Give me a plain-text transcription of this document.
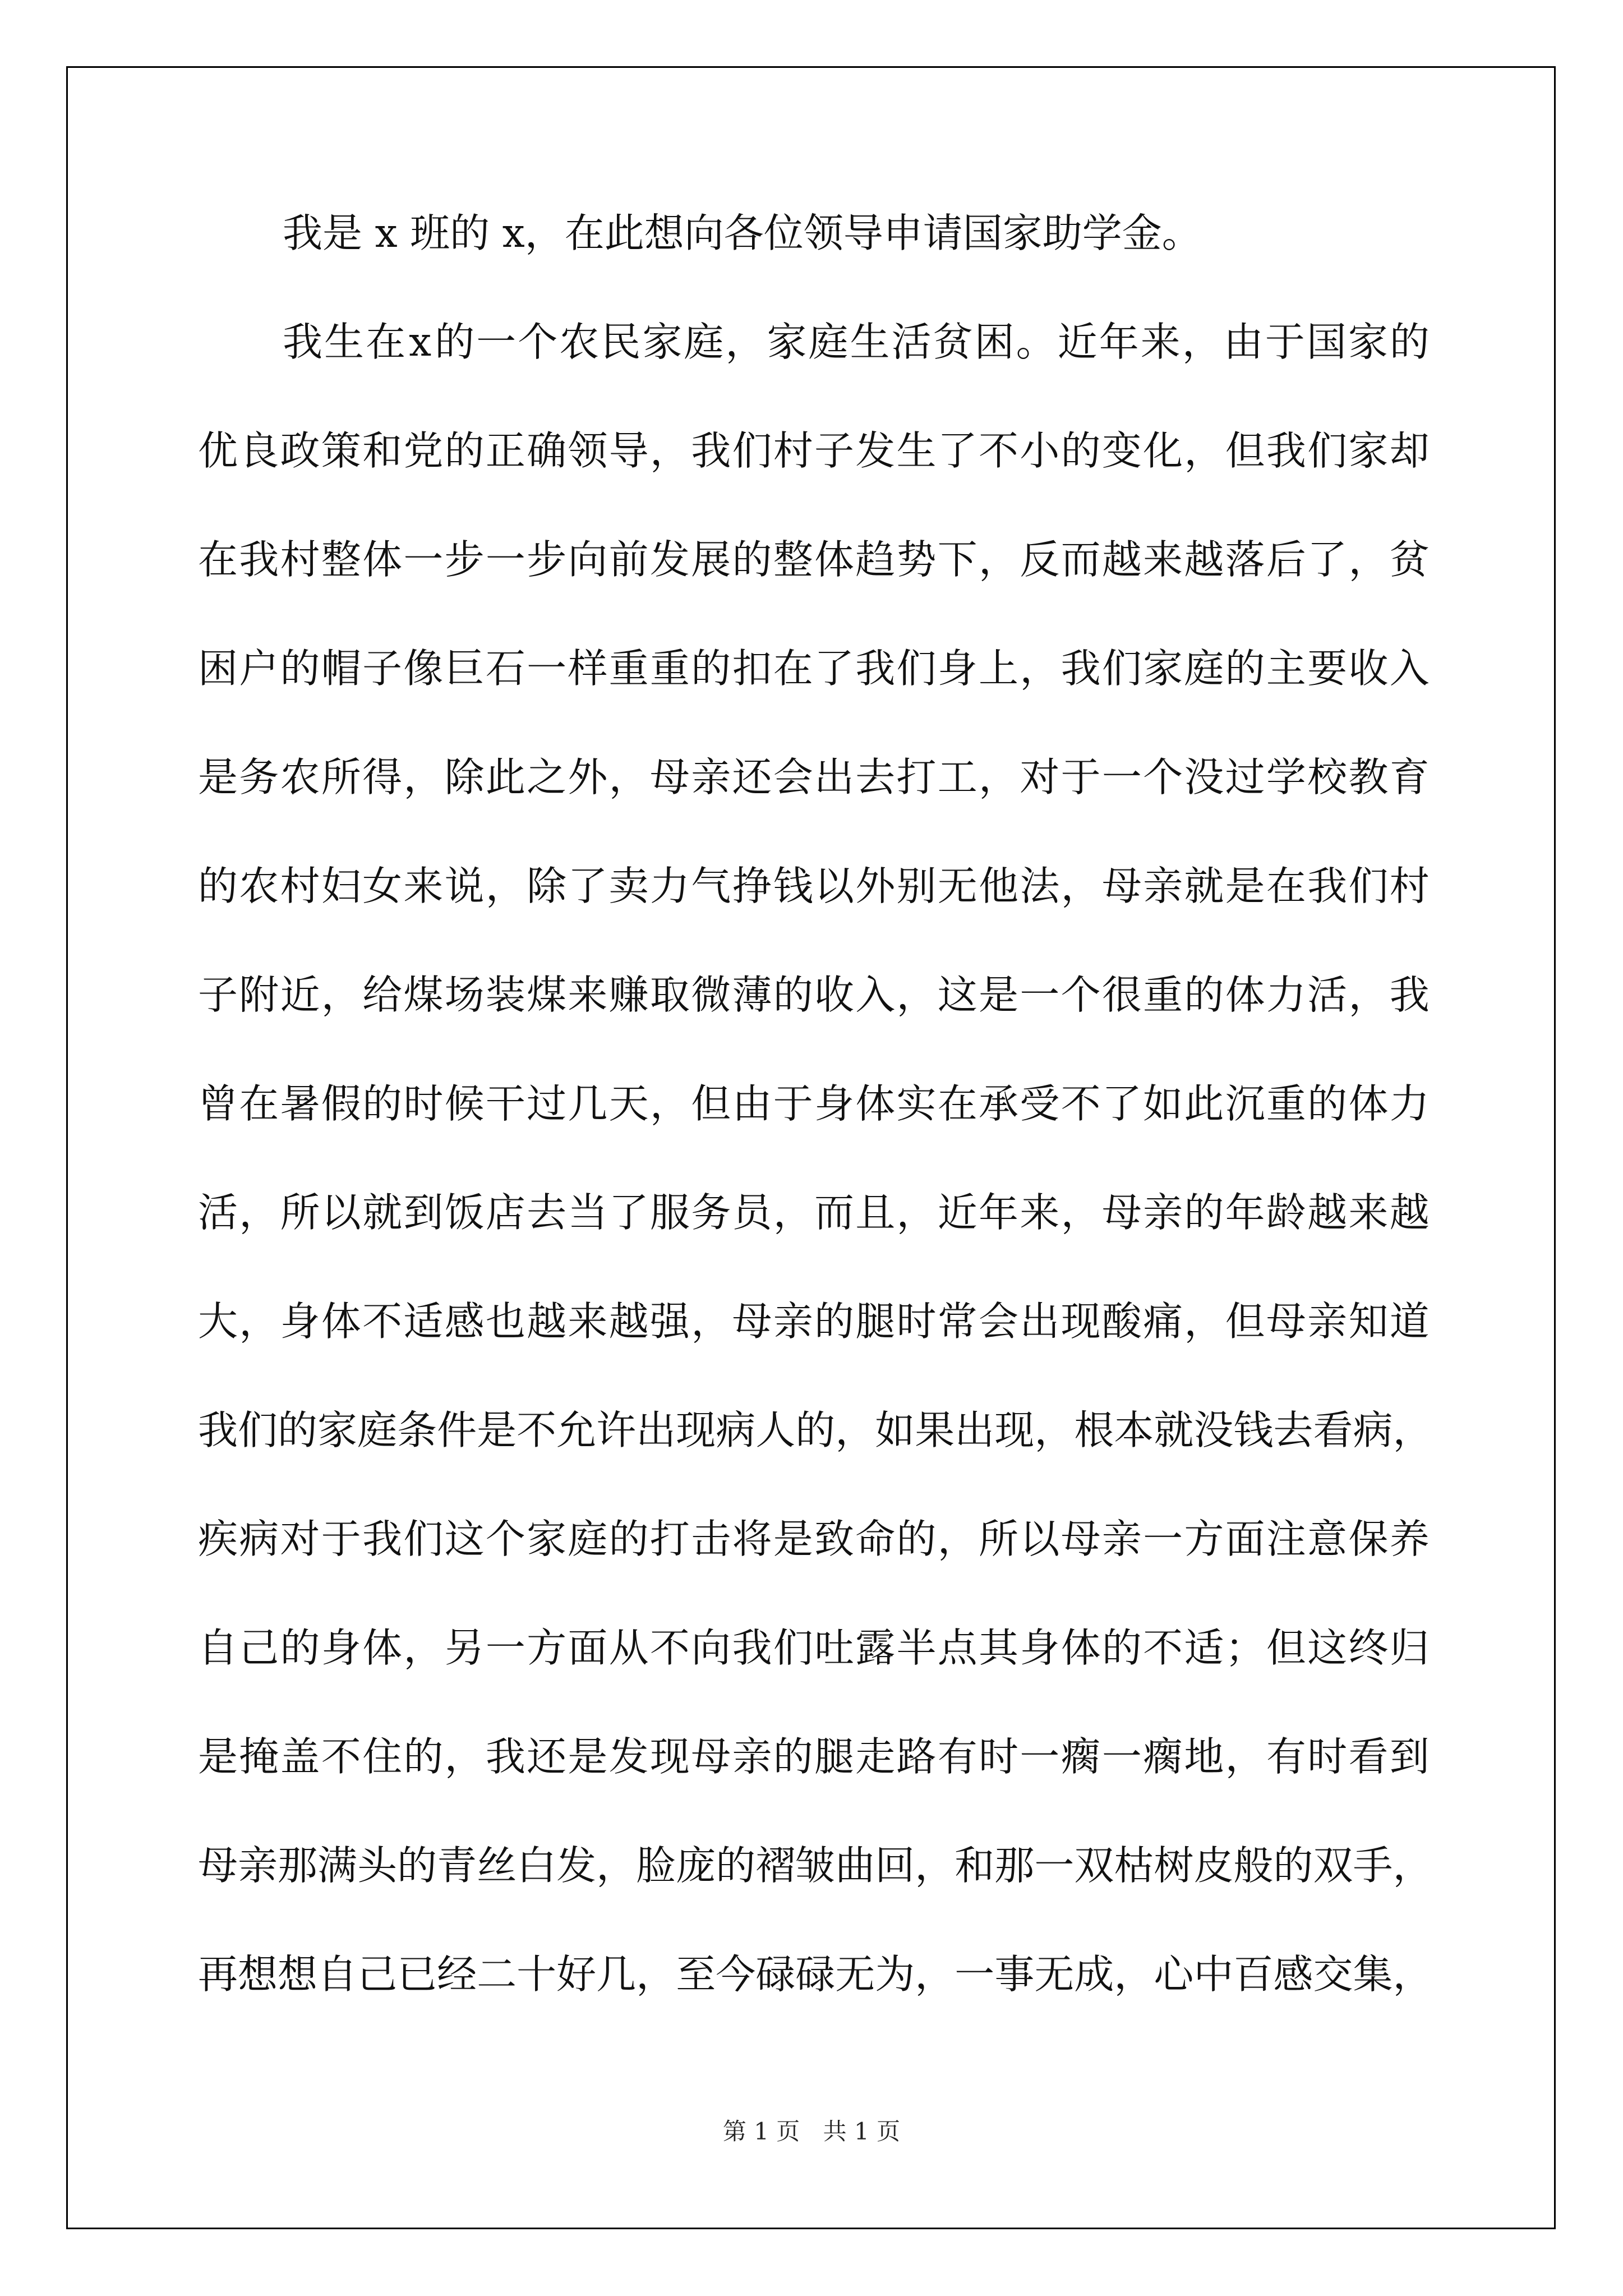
我是 x 班的 x，在此想向各位领导申请国家助学金。
我 生 在 x 的 一 个 农 民 家 庭 ， 家 庭 生 活 贫 困 。 近 年 来 ， 由 于 国 家 的
优 良 政 策 和 党 的 正 确 领 导 ， 我 们 村 子 发 生 了 不 小 的 变 化 ， 但 我 们 家 却
在 我 村 整 体 一 步 一 步 向 前 发 展 的 整 体 趋 势 下 ， 反 而 越 来 越 落 后 了 ， 贫
困 户 的 帽 子 像 巨 石 一 样 重 重 的 扣 在 了 我 们 身 上 ， 我 们 家 庭 的 主 要 收 入
是 务 农 所 得 ， 除 此 之 外 ， 母 亲 还 会 出 去 打 工 ， 对 于 一 个 没 过 学 校 教 育
的 农 村 妇 女 来 说 ， 除 了 卖 力 气 挣 钱 以 外 别 无 他 法 ， 母 亲 就 是 在 我 们 村
子 附 近 ， 给 煤 场 装 煤 来 赚 取 微 薄 的 收 入 ， 这 是 一 个 很 重 的 体 力 活 ， 我
曾 在 暑 假 的 时 候 干 过 几 天 ， 但 由 于 身 体 实 在 承 受 不 了 如 此 沉 重 的 体 力
活 ， 所 以 就 到 饭 店 去 当 了 服 务 员 ， 而 且 ， 近 年 来 ， 母 亲 的 年 龄 越 来 越
大 ， 身 体 不 适 感 也 越 来 越 强 ， 母 亲 的 腿 时 常 会 出 现 酸 痛 ， 但 母 亲 知 道
我 们 的 家 庭 条 件 是 不 允 许 出 现 病 人 的 ， 如 果 出 现 ， 根 本 就 没 钱 去 看 病 ，
疾 病 对 于 我 们 这 个 家 庭 的 打 击 将 是 致 命 的 ， 所 以 母 亲 一 方 面 注 意 保 养
自 己 的 身 体 ， 另 一 方 面 从 不 向 我 们 吐 露 半 点 其 身 体 的 不 适 ； 但 这 终 归
是 掩 盖 不 住 的 ， 我 还 是 发 现 母 亲 的 腿 走 路 有 时 一 瘸 一 瘸 地 ， 有 时 看 到
母 亲 那 满 头 的 青 丝 白 发 ， 脸 庞 的 褶 皱 曲 回 ， 和 那 一 双 枯 树 皮 般 的 双 手 ，
再 想 想 自 己 已 经 二 十 好 几 ， 至 今 碌 碌 无 为 ， 一 事 无 成 ， 心 中 百 感 交 集 ，
第 1 页 共 1 页
